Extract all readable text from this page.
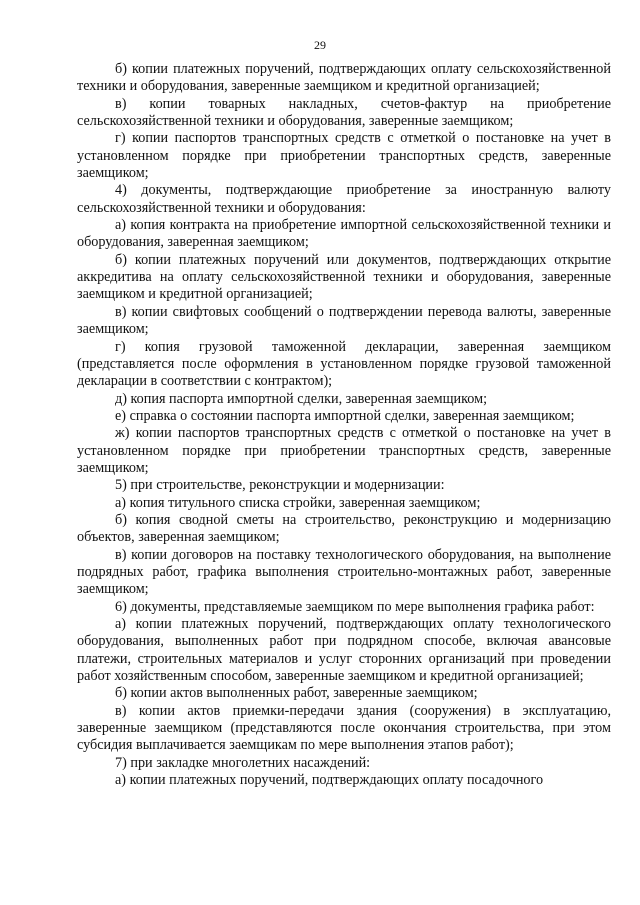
29

б) копии платежных поручений, подтверждающих оплату сельскохозяйственной техники и оборудования, заверенные заемщиком и кредитной организацией;

в) копии товарных накладных, счетов-фактур на приобретение сельскохозяйственной техники и оборудования, заверенные заемщиком;

г) копии паспортов транспортных средств с отметкой о постановке на учет в установленном порядке при приобретении транспортных средств, заверенные заемщиком;

4) документы, подтверждающие приобретение за иностранную валюту сельскохозяйственной техники и оборудования:

а) копия контракта на приобретение импортной сельскохозяйственной техники и оборудования, заверенная заемщиком;

б) копии платежных поручений или документов, подтверждающих открытие аккредитива на оплату сельскохозяйственной техники и оборудования, заверенные заемщиком и кредитной организацией;

в) копии свифтовых сообщений о подтверждении перевода валюты, заверенные заемщиком;

г) копия грузовой таможенной декларации, заверенная заемщиком (представляется после оформления в установленном порядке грузовой таможенной декларации в соответствии с контрактом);

д) копия паспорта импортной сделки, заверенная заемщиком;

е) справка о состоянии паспорта импортной сделки, заверенная заемщиком;

ж) копии паспортов транспортных средств с отметкой о постановке на учет в установленном порядке при приобретении транспортных средств, заверенные заемщиком;

5) при строительстве, реконструкции и модернизации:

а) копия титульного списка стройки, заверенная заемщиком;

б) копия сводной сметы на строительство, реконструкцию и модернизацию объектов, заверенная заемщиком;

в) копии договоров на поставку технологического оборудования, на выполнение подрядных работ, графика выполнения строительно-монтажных работ, заверенные заемщиком;

6) документы, представляемые заемщиком по мере выполнения графика работ:

а) копии платежных поручений, подтверждающих оплату технологического оборудования, выполненных работ при подрядном способе, включая авансовые платежи, строительных материалов и услуг сторонних организаций при проведении работ хозяйственным способом, заверенные заемщиком и кредитной организацией;

б) копии актов выполненных работ, заверенные заемщиком;

в) копии актов приемки-передачи здания (сооружения) в эксплуатацию, заверенные заемщиком (представляются после окончания строительства, при этом субсидия выплачивается заемщикам по мере выполнения этапов работ);

7) при закладке многолетних насаждений:

а) копии платежных поручений, подтверждающих оплату посадочного
